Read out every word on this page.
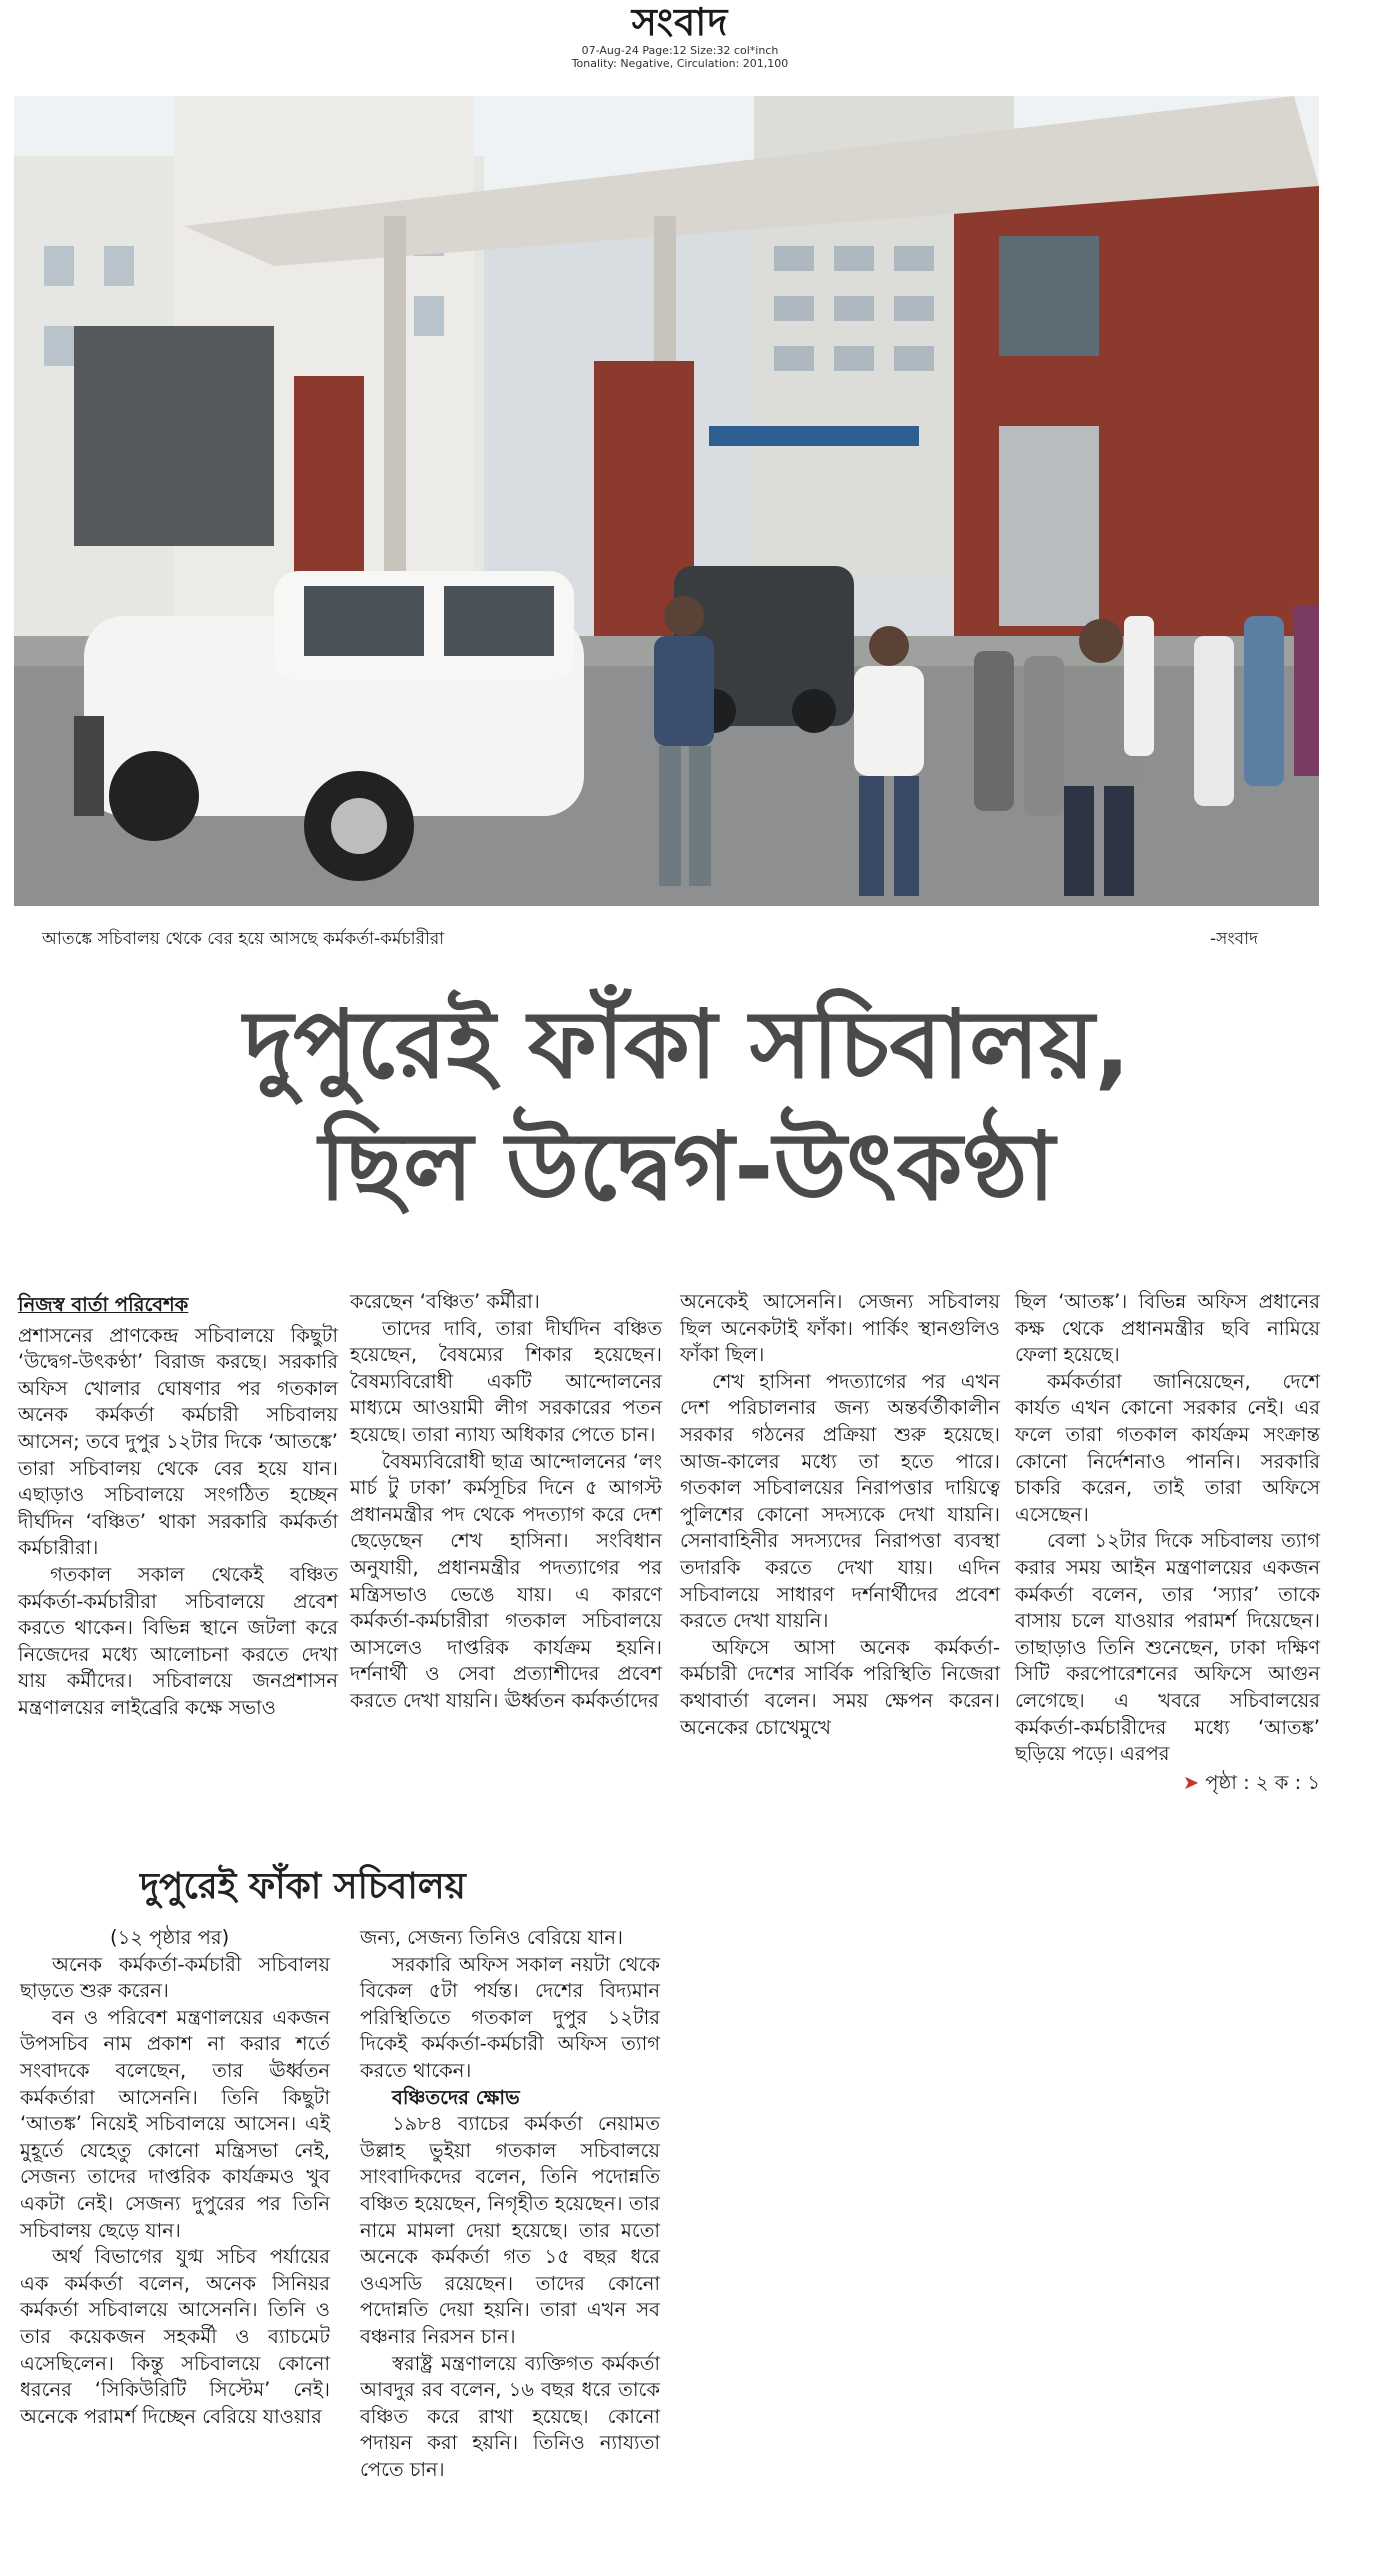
সংবাদ
07-Aug-24 Page:12 Size:32 col*inch
Tonality: Negative, Circulation: 201,100
আতঙ্কে সচিবালয় থেকে বের হয়ে আসছে কর্মকর্তা-কর্মচারীরা	-সংবাদ
দুপুরেই ফাঁকা সচিবালয়,
ছিল উদ্বেগ-উৎকণ্ঠা

নিজস্ব বার্তা পরিবেশক

প্রশাসনের প্রাণকেন্দ্র সচিবালয়ে কিছুটা ‘উদ্বেগ-উৎকণ্ঠা’ বিরাজ করছে। সরকারি অফিস খোলার ঘোষণার পর গতকাল অনেক কর্মকর্তা কর্মচারী সচিবালয় আসেন; তবে দুপুর ১২টার দিকে ‘আতঙ্কে’ তারা সচিবালয় থেকে বের হয়ে যান। এছাড়াও সচিবালয়ে সংগঠিত হচ্ছেন দীর্ঘদিন ‘বঞ্চিত’ থাকা সরকারি কর্মকর্তা কর্মচারীরা।

গতকাল সকাল থেকেই বঞ্চিত কর্মকর্তা-কর্মচারীরা সচিবালয়ে প্রবেশ করতে থাকেন। বিভিন্ন স্থানে জটলা করে নিজেদের মধ্যে আলোচনা করতে দেখা যায় কর্মীদের। সচিবালয়ে জনপ্রশাসন মন্ত্রণালয়ের লাইব্রেরি কক্ষে সভাও

করেছেন ‘বঞ্চিত’ কর্মীরা।

তাদের দাবি, তারা দীর্ঘদিন বঞ্চিত হয়েছেন, বৈষম্যের শিকার হয়েছেন। বৈষম্যবিরোধী একটি আন্দোলনের মাধ্যমে আওয়ামী লীগ সরকারের পতন হয়েছে। তারা ন্যায্য অধিকার পেতে চান।

বৈষম্যবিরোধী ছাত্র আন্দোলনের ‘লং মার্চ টু ঢাকা’ কর্মসূচির দিনে ৫ আগস্ট প্রধানমন্ত্রীর পদ থেকে পদত্যাগ করে দেশ ছেড়েছেন শেখ হাসিনা। সংবিধান অনুযায়ী, প্রধানমন্ত্রীর পদত্যাগের পর মন্ত্রিসভাও ভেঙে যায়। এ কারণে কর্মকর্তা-কর্মচারীরা গতকাল সচিবালয়ে আসলেও দাপ্তরিক কার্যক্রম হয়নি। দর্শনার্থী ও সেবা প্রত্যাশীদের প্রবেশ করতে দেখা যায়নি। ঊর্ধ্বতন কর্মকর্তাদের

অনেকেই আসেননি। সেজন্য সচিবালয় ছিল অনেকটাই ফাঁকা। পার্কিং স্থানগুলিও ফাঁকা ছিল।

শেখ হাসিনা পদত্যাগের পর এখন দেশ পরিচালনার জন্য অন্তর্বর্তীকালীন সরকার গঠনের প্রক্রিয়া শুরু হয়েছে। আজ-কালের মধ্যে তা হতে পারে। গতকাল সচিবালয়ের নিরাপত্তার দায়িত্বে পুলিশের কোনো সদস্যকে দেখা যায়নি। সেনাবাহিনীর সদস্যদের নিরাপত্তা ব্যবস্থা তদারকি করতে দেখা যায়। এদিন সচিবালয়ে সাধারণ দর্শনার্থীদের প্রবেশ করতে দেখা যায়নি।

অফিসে আসা অনেক কর্মকর্তা-কর্মচারী দেশের সার্বিক পরিস্থিতি নিজেরা কথাবার্তা বলেন। সময় ক্ষেপন করেন। অনেকের চোখেমুখে

ছিল ‘আতঙ্ক’। বিভিন্ন অফিস প্রধানের কক্ষ থেকে প্রধানমন্ত্রীর ছবি নামিয়ে ফেলা হয়েছে।

কর্মকর্তারা জানিয়েছেন, দেশে কার্যত এখন কোনো সরকার নেই। এর ফলে তারা গতকাল কার্যক্রম সংক্রান্ত কোনো নির্দেশনাও পাননি। সরকারি চাকরি করেন, তাই তারা অফিসে এসেছেন।

বেলা ১২টার দিকে সচিবালয় ত্যাগ করার সময় আইন মন্ত্রণালয়ের একজন কর্মকর্তা বলেন, তার ‘স্যার’ তাকে বাসায় চলে যাওয়ার পরামর্শ দিয়েছেন। তাছাড়াও তিনি শুনেছেন, ঢাকা দক্ষিণ সিটি করপোরেশনের অফিসে আগুন লেগেছে। এ খবরে সচিবালয়ের কর্মকর্তা-কর্মচারীদের মধ্যে ‘আতঙ্ক’ ছড়িয়ে পড়ে। এরপর

➤ পৃষ্ঠা : ২ ক : ১

দুপুরেই ফাঁকা সচিবালয়

(১২ পৃষ্ঠার পর)

অনেক কর্মকর্তা-কর্মচারী সচিবালয় ছাড়তে শুরু করেন।

বন ও পরিবেশ মন্ত্রণালয়ের একজন উপসচিব নাম প্রকাশ না করার শর্তে সংবাদকে বলেছেন, তার ঊর্ধ্বতন কর্মকর্তারা আসেননি। তিনি কিছুটা ‘আতঙ্ক’ নিয়েই সচিবালয়ে আসেন। এই মুহূর্তে যেহেতু কোনো মন্ত্রিসভা নেই, সেজন্য তাদের দাপ্তরিক কার্যক্রমও খুব একটা নেই। সেজন্য দুপুরের পর তিনি সচিবালয় ছেড়ে যান।

অর্থ বিভাগের যুগ্ম সচিব পর্যায়ের এক কর্মকর্তা বলেন, অনেক সিনিয়র কর্মকর্তা সচিবালয়ে আসেননি। তিনি ও তার কয়েকজন সহকর্মী ও ব্যাচমেট এসেছিলেন। কিন্তু সচিবালয়ে কোনো ধরনের ‘সিকিউরিটি সিস্টেম’ নেই। অনেকে পরামর্শ দিচ্ছেন বেরিয়ে যাওয়ার

জন্য, সেজন্য তিনিও বেরিয়ে যান।

সরকারি অফিস সকাল নয়টা থেকে বিকেল ৫টা পর্যন্ত। দেশের বিদ্যমান পরিস্থিতিতে গতকাল দুপুর ১২টার দিকেই কর্মকর্তা-কর্মচারী অফিস ত্যাগ করতে থাকেন।

বঞ্চিতদের ক্ষোভ

১৯৮৪ ব্যাচের কর্মকর্তা নেয়ামত উল্লাহ ভুইয়া গতকাল সচিবালয়ে সাংবাদিকদের বলেন, তিনি পদোন্নতি বঞ্চিত হয়েছেন, নিগৃহীত হয়েছেন। তার নামে মামলা দেয়া হয়েছে। তার মতো অনেকে কর্মকর্তা গত ১৫ বছর ধরে ওএসডি রয়েছেন। তাদের কোনো পদোন্নতি দেয়া হয়নি। তারা এখন সব বঞ্চনার নিরসন চান।

স্বরাষ্ট্র মন্ত্রণালয়ে ব্যক্তিগত কর্মকর্তা আবদুর রব বলেন, ১৬ বছর ধরে তাকে বঞ্চিত করে রাখা হয়েছে। কোনো পদায়ন করা হয়নি। তিনিও ন্যায্যতা পেতে চান।
